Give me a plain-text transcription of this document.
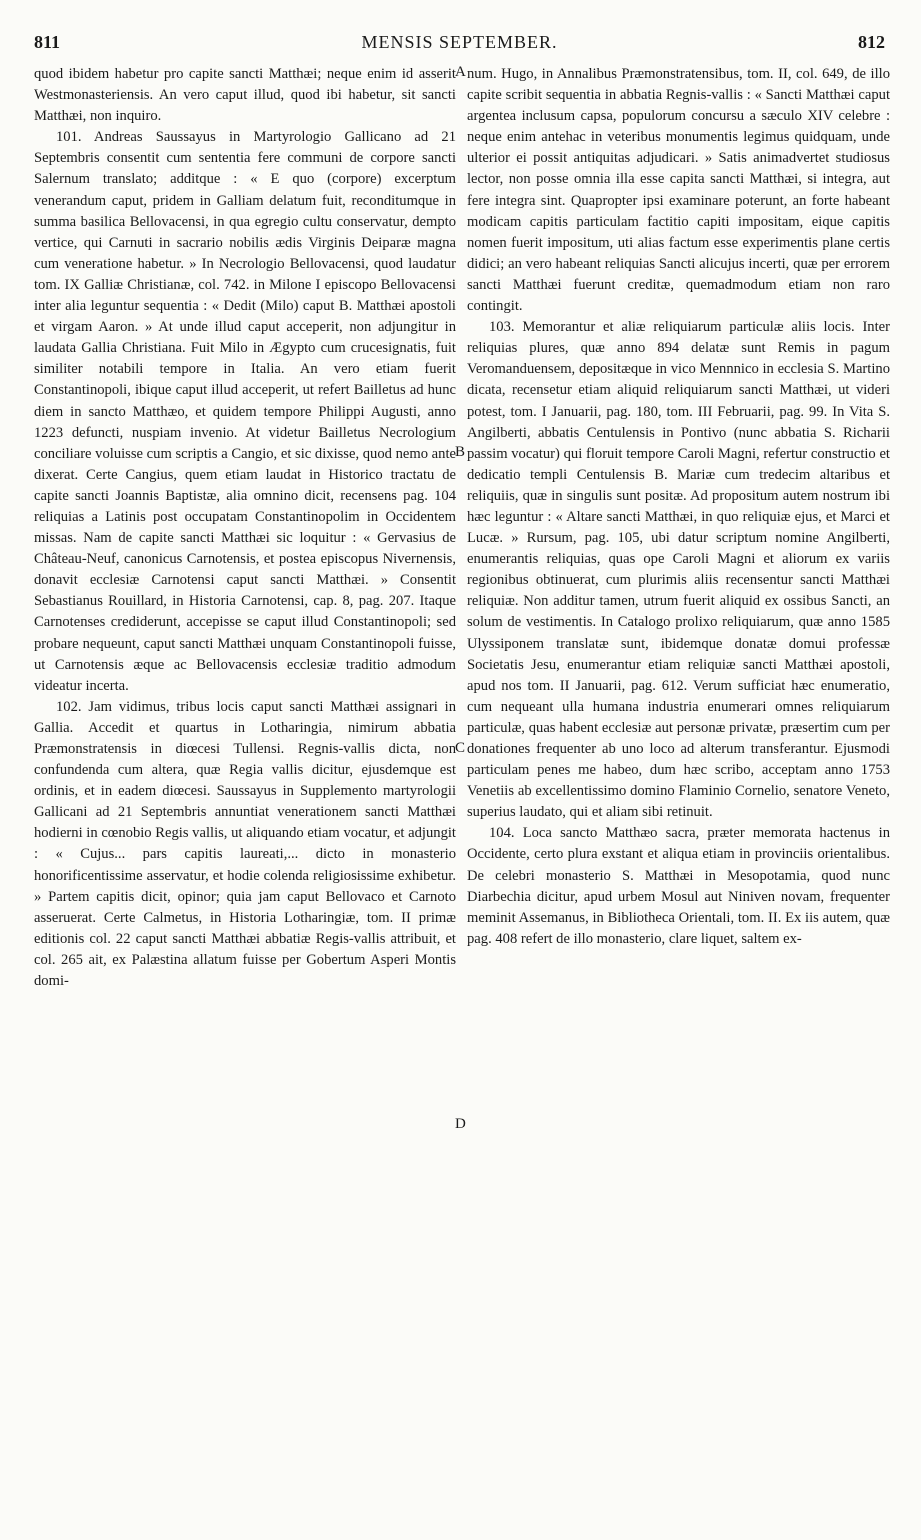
811	MENSIS SEPTEMBER.	812

quod ibidem habetur pro capite sancti Matthæi; neque enim id asserit Westmonasteriensis. An vero caput illud, quod ibi habetur, sit sancti Matthæi, non inquiro.

101. Andreas Saussayus in Martyrologio Gallicano ad 21 Septembris consentit cum sententia fere communi de corpore sancti Salernum translato; additque : « E quo (corpore) excerptum venerandum caput, pridem in Galliam delatum fuit, reconditumque in summa basilica Bellovacensi, in qua egregio cultu conservatur, dempto vertice, qui Carnuti in sacrario nobilis ædis Virginis Deiparæ magna cum veneratione habetur. » In Necrologio Bellovacensi, quod laudatur tom. IX Galliæ Christianæ, col. 742. in Milone I episcopo Bellovacensi inter alia leguntur sequentia : « Dedit (Milo) caput B. Matthæi apostoli et virgam Aaron. » At unde illud caput acceperit, non adjungitur in laudata Gallia Christiana. Fuit Milo in Ægypto cum crucesignatis, fuit similiter notabili tempore in Italia. An vero etiam fuerit Constantinopoli, ibique caput illud acceperit, ut refert Bailletus ad hunc diem in sancto Matthæo, et quidem tempore Philippi Augusti, anno 1223 defuncti, nuspiam invenio. At videtur Bailletus Necrologium conciliare voluisse cum scriptis a Cangio, et sic dixisse, quod nemo ante dixerat. Certe Cangius, quem etiam laudat in Historico tractatu de capite sancti Joannis Baptistæ, alia omnino dicit, recensens pag. 104 reliquias a Latinis post occupatam Constantinopolim in Occidentem missas. Nam de capite sancti Matthæi sic loquitur : « Gervasius de Château-Neuf, canonicus Carnotensis, et postea episcopus Nivernensis, donavit ecclesiæ Carnotensi caput sancti Matthæi. » Consentit Sebastianus Rouillard, in Historia Carnotensi, cap. 8, pag. 207. Itaque Carnotenses crediderunt, accepisse se caput illud Constantinopoli; sed probare nequeunt, caput sancti Matthæi unquam Constantinopoli fuisse, ut Carnotensis æque ac Bellovacensis ecclesiæ traditio admodum videatur incerta.

102. Jam vidimus, tribus locis caput sancti Matthæi assignari in Gallia. Accedit et quartus in Lotharingia, nimirum abbatia Præmonstratensis in diœcesi Tullensi. Regnis-vallis dicta, non confundenda cum altera, quæ Regia vallis dicitur, ejusdemque est ordinis, et in eadem diœcesi. Saussayus in Supplemento martyrologii Gallicani ad 21 Septembris annuntiat venerationem sancti Matthæi hodierni in cœnobio Regis vallis, ut aliquando etiam vocatur, et adjungit : « Cujus... pars capitis laureati,... dicto in monasterio honorificentissime asservatur, et hodie colenda religiosissime exhibetur. » Partem capitis dicit, opinor; quia jam caput Bellovaco et Carnoto asseruerat. Certe Calmetus, in Historia Lotharingiæ, tom. II primæ editionis col. 22 caput sancti Matthæi abbatiæ Regis-vallis attribuit, et col. 265 ait, ex Palæstina allatum fuisse per Gobertum Asperi Montis domi-

num. Hugo, in Annalibus Præmonstratensibus, tom. II, col. 649, de illo capite scribit sequentia in abbatia Regnis-vallis : « Sancti Matthæi caput argentea inclusum capsa, populorum concursu a sæculo XIV celebre : neque enim antehac in veteribus monumentis legimus quidquam, unde ulterior ei possit antiquitas adjudicari. » Satis animadvertet studiosus lector, non posse omnia illa esse capita sancti Matthæi, si integra, aut fere integra sint. Quapropter ipsi examinare poterunt, an forte habeant modicam capitis particulam factitio capiti impositam, eique capitis nomen fuerit impositum, uti alias factum esse experimentis plane certis didici; an vero habeant reliquias Sancti alicujus incerti, quæ per errorem sancti Matthæi fuerunt creditæ, quemadmodum etiam non raro contingit.

103. Memorantur et aliæ reliquiarum particulæ aliis locis. Inter reliquias plures, quæ anno 894 delatæ sunt Remis in pagum Veromanduensem, depositæque in vico Mennnico in ecclesia S. Martino dicata, recensetur etiam aliquid reliquiarum sancti Matthæi, ut videri potest, tom. I Januarii, pag. 180, tom. III Februarii, pag. 99. In Vita S. Angilberti, abbatis Centulensis in Pontivo (nunc abbatia S. Richarii passim vocatur) qui floruit tempore Caroli Magni, refertur constructio et dedicatio templi Centulensis B. Mariæ cum tredecim altaribus et reliquiis, quæ in singulis sunt positæ. Ad propositum autem nostrum ibi hæc leguntur : « Altare sancti Matthæi, in quo reliquiæ ejus, et Marci et Lucæ. » Rursum, pag. 105, ubi datur scriptum nomine Angilberti, enumerantis reliquias, quas ope Caroli Magni et aliorum ex variis regionibus obtinuerat, cum plurimis aliis recensentur sancti Matthæi reliquiæ. Non additur tamen, utrum fuerit aliquid ex ossibus Sancti, an solum de vestimentis. In Catalogo prolixo reliquiarum, quæ anno 1585 Ulyssiponem translatæ sunt, ibidemque donatæ domui professæ Societatis Jesu, enumerantur etiam reliquiæ sancti Matthæi apostoli, apud nos tom. II Januarii, pag. 612. Verum sufficiat hæc enumeratio, cum nequeant ulla humana industria enumerari omnes reliquiarum particulæ, quas habent ecclesiæ aut personæ privatæ, præsertim cum per donationes frequenter ab uno loco ad alterum transferantur. Ejusmodi particulam penes me habeo, dum hæc scribo, acceptam anno 1753 Venetiis ab excellentissimo domino Flaminio Cornelio, senatore Veneto, superius laudato, qui et aliam sibi retinuit.

104. Loca sancto Matthæo sacra, præter memorata hactenus in Occidente, certo plura exstant et aliqua etiam in provinciis orientalibus. De celebri monasterio S. Matthæi in Mesopotamia, quod nunc Diarbechia dicitur, apud urbem Mosul aut Niniven novam, frequenter meminit Assemanus, in Bibliotheca Orientali, tom. II. Ex iis autem, quæ pag. 408 refert de illo monasterio, clare liquet, saltem ex-

A
B
C
D
